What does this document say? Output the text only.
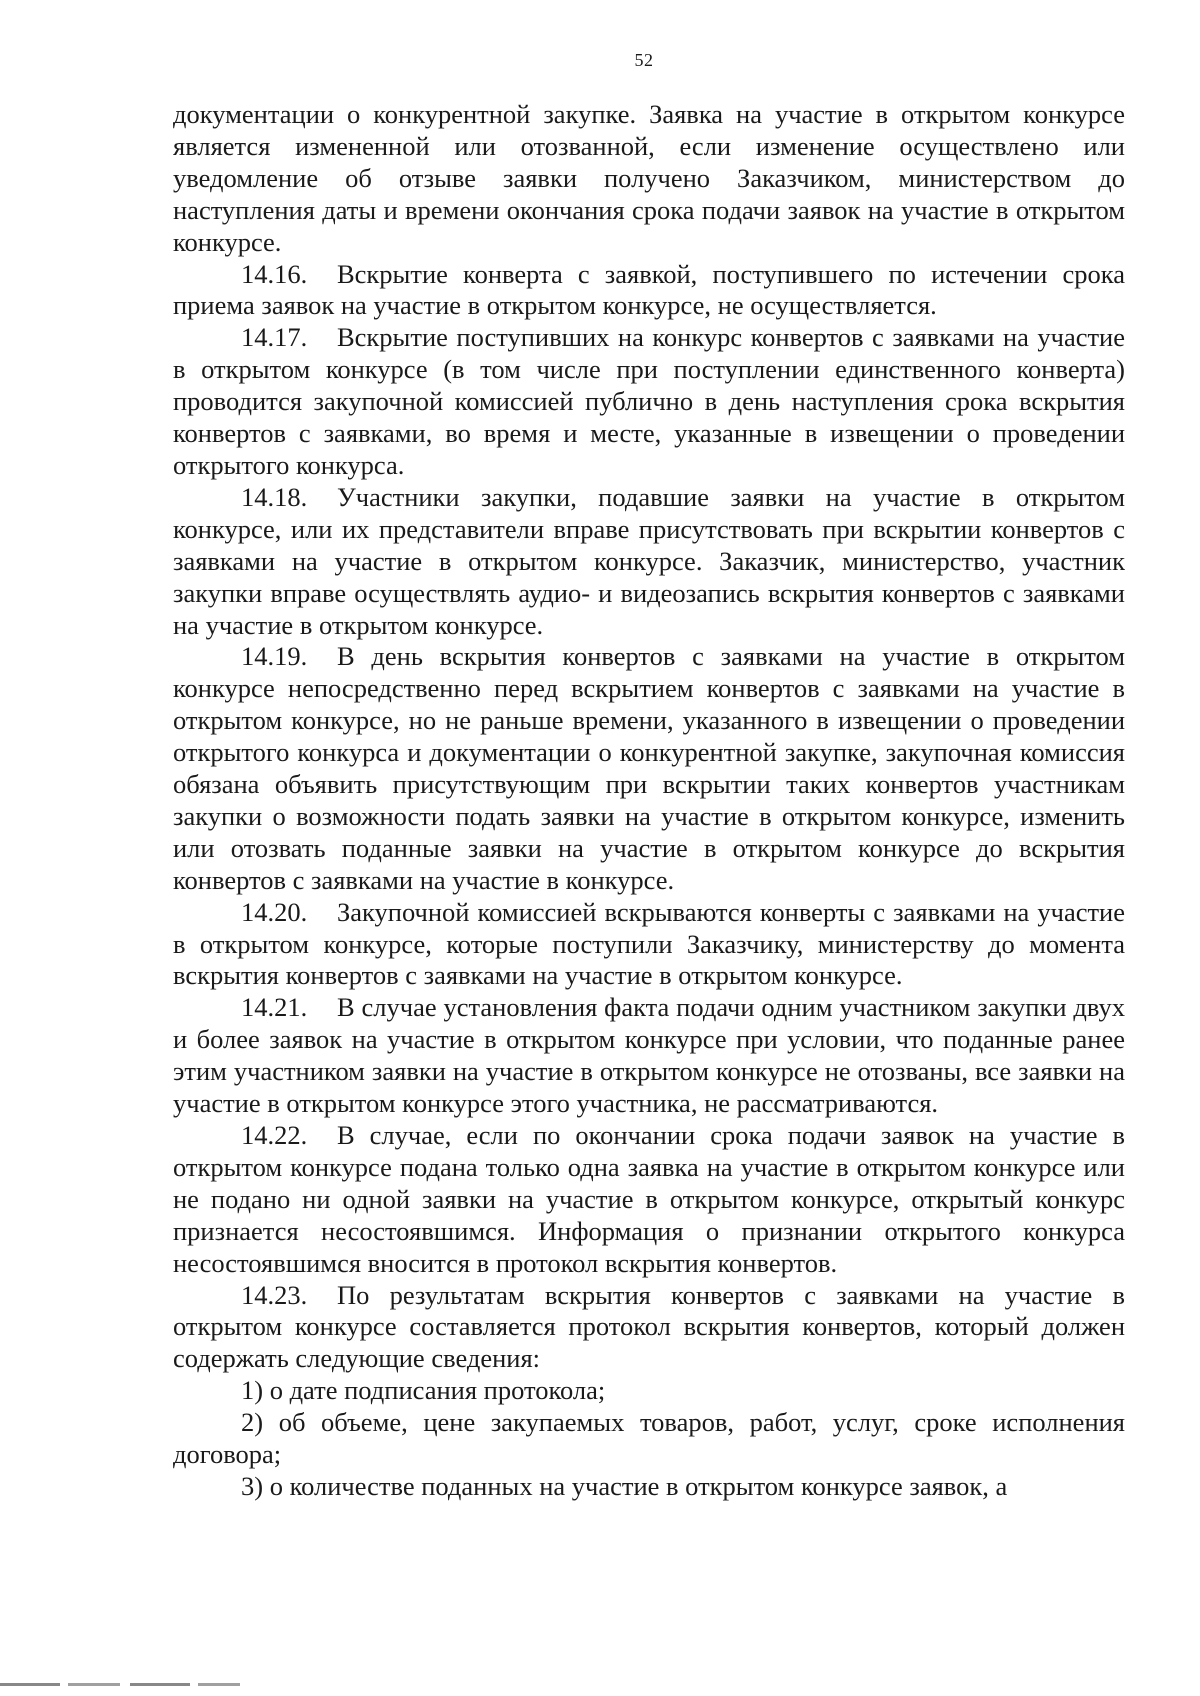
52

документации о конкурентной закупке. Заявка на участие в открытом конкурсе является измененной или отозванной, если изменение осуществлено или уведомление об отзыве заявки получено Заказчиком, министерством до наступления даты и времени окончания срока подачи заявок на участие в открытом конкурсе.

14.16. Вскрытие конверта с заявкой, поступившего по истечении срока приема заявок на участие в открытом конкурсе, не осуществляется.

14.17. Вскрытие поступивших на конкурс конвертов с заявками на участие в открытом конкурсе (в том числе при поступлении единственного конверта) проводится закупочной комиссией публично в день наступления срока вскрытия конвертов с заявками, во время и месте, указанные в извещении о проведении открытого конкурса.

14.18. Участники закупки, подавшие заявки на участие в открытом конкурсе, или их представители вправе присутствовать при вскрытии конвертов с заявками на участие в открытом конкурсе. Заказчик, министерство, участник закупки вправе осуществлять аудио- и видеозапись вскрытия конвертов с заявками на участие в открытом конкурсе.

14.19. В день вскрытия конвертов с заявками на участие в открытом конкурсе непосредственно перед вскрытием конвертов с заявками на участие в открытом конкурсе, но не раньше времени, указанного в извещении о проведении открытого конкурса и документации о конкурентной закупке, закупочная комиссия обязана объявить присутствующим при вскрытии таких конвертов участникам закупки о возможности подать заявки на участие в открытом конкурсе, изменить или отозвать поданные заявки на участие в открытом конкурсе до вскрытия конвертов с заявками на участие в конкурсе.

14.20. Закупочной комиссией вскрываются конверты с заявками на участие в открытом конкурсе, которые поступили Заказчику, министерству до момента вскрытия конвертов с заявками на участие в открытом конкурсе.

14.21. В случае установления факта подачи одним участником закупки двух и более заявок на участие в открытом конкурсе при условии, что поданные ранее этим участником заявки на участие в открытом конкурсе не отозваны, все заявки на участие в открытом конкурсе этого участника, не рассматриваются.

14.22. В случае, если по окончании срока подачи заявок на участие в открытом конкурсе подана только одна заявка на участие в открытом конкурсе или не подано ни одной заявки на участие в открытом конкурсе, открытый конкурс признается несостоявшимся. Информация о признании открытого конкурса несостоявшимся вносится в протокол вскрытия конвертов.

14.23. По результатам вскрытия конвертов с заявками на участие в открытом конкурсе составляется протокол вскрытия конвертов, который должен содержать следующие сведения:

1) о дате подписания протокола;

2) об объеме, цене закупаемых товаров, работ, услуг, сроке исполнения договора;

3) о количестве поданных на участие в открытом конкурсе заявок, а
